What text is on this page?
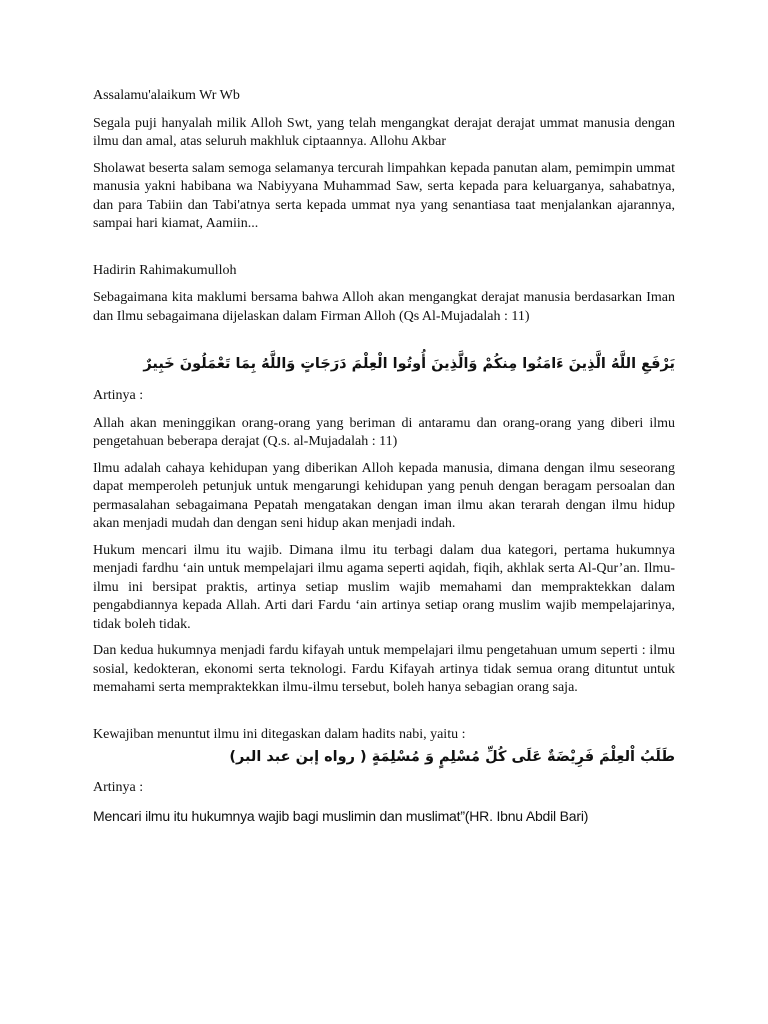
Assalamu'alaikum Wr Wb

Segala puji hanyalah milik Alloh Swt, yang telah mengangkat derajat derajat ummat manusia dengan ilmu dan amal, atas seluruh makhluk ciptaannya. Allohu Akbar

Sholawat beserta salam semoga selamanya tercurah limpahkan kepada panutan alam, pemimpin ummat manusia yakni habibana wa Nabiyyana Muhammad Saw, serta kepada para keluarganya, sahabatnya, dan para Tabiin dan Tabi'atnya serta kepada ummat nya yang senantiasa taat menjalankan ajarannya, sampai hari kiamat, Aamiin...

Hadirin Rahimakumulloh

Sebagaimana kita maklumi bersama bahwa Alloh akan mengangkat derajat manusia berdasarkan Iman dan Ilmu sebagaimana dijelaskan dalam Firman Alloh (Qs Al-Mujadalah : 11)

يَرْفَعِ اللَّهُ الَّذِينَ ءَامَنُوا مِنكُمْ وَالَّذِينَ أُوتُوا الْعِلْمَ دَرَجَاتٍ وَاللَّهُ بِمَا تَعْمَلُونَ خَبِيرٌ

Artinya :

Allah akan meninggikan orang-orang yang beriman di antaramu dan orang-orang yang diberi ilmu pengetahuan beberapa derajat (Q.s. al-Mujadalah : 11)

Ilmu adalah cahaya kehidupan yang diberikan Alloh kepada manusia, dimana dengan ilmu seseorang dapat memperoleh petunjuk untuk mengarungi kehidupan yang penuh dengan beragam persoalan dan permasalahan sebagaimana Pepatah mengatakan dengan iman ilmu akan terarah dengan ilmu hidup akan menjadi mudah dan dengan seni hidup akan menjadi indah.

Hukum mencari ilmu itu wajib. Dimana ilmu itu terbagi dalam dua kategori, pertama hukumnya menjadi fardhu ‘ain untuk mempelajari ilmu agama seperti aqidah, fiqih, akhlak serta Al-Qur’an. Ilmu-ilmu ini bersipat praktis, artinya setiap muslim wajib memahami dan mempraktekkan dalam pengabdiannya kepada Allah. Arti dari Fardu ‘ain artinya setiap orang muslim wajib mempelajarinya, tidak boleh tidak.

Dan kedua hukumnya menjadi fardu kifayah untuk mempelajari ilmu pengetahuan umum seperti : ilmu sosial, kedokteran, ekonomi serta teknologi. Fardu Kifayah artinya tidak semua orang dituntut untuk memahami serta mempraktekkan ilmu-ilmu tersebut, boleh hanya sebagian orang saja.

Kewajiban menuntut ilmu ini ditegaskan dalam hadits nabi, yaitu :

طَلَبُ اْلعِلْمَ فَرِيْضَةٌ عَلَى كُلِّ مُسْلِمٍ وَ مُسْلِمَةٍ ( رواه إبن عبد البر)

Artinya :

Mencari ilmu itu hukumnya wajib bagi muslimin dan muslimat”(HR. Ibnu Abdil Bari)
